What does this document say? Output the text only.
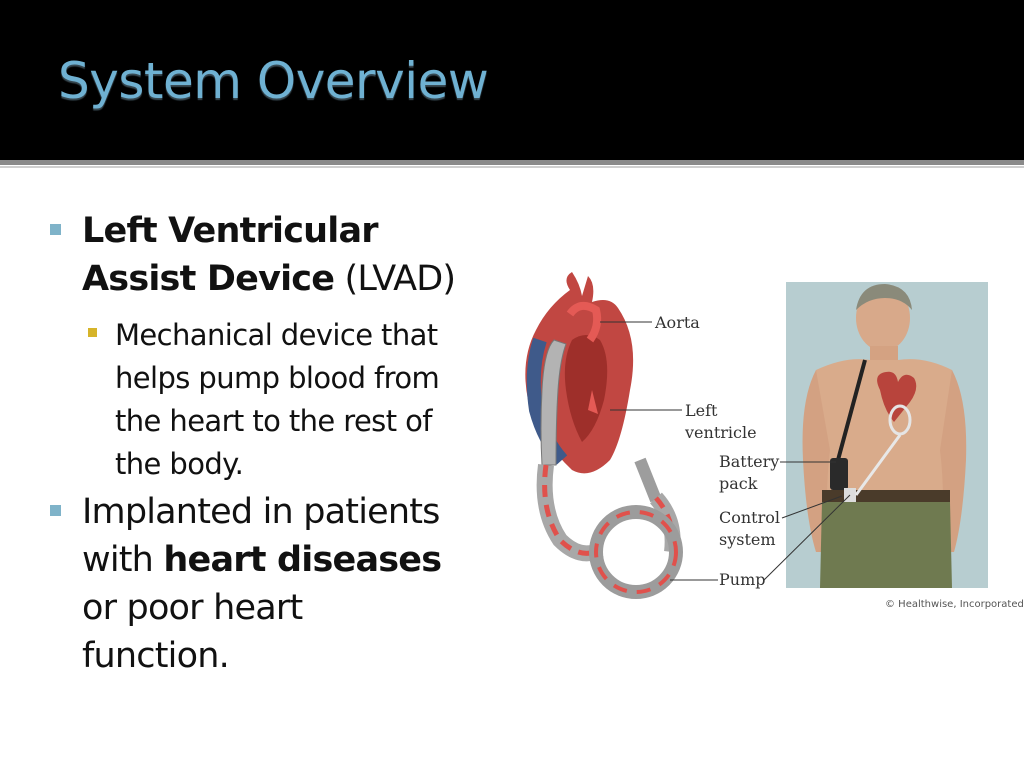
System Overview
Left Ventricular
Assist Device (LVAD)
Mechanical device that
helps pump blood from
the heart to the rest of
the body.
Implanted in patients
with heart diseases
or poor heart
function.
Aorta
Left
ventricle
Battery
pack
Control
system
Pump
© Healthwise, Incorporated
